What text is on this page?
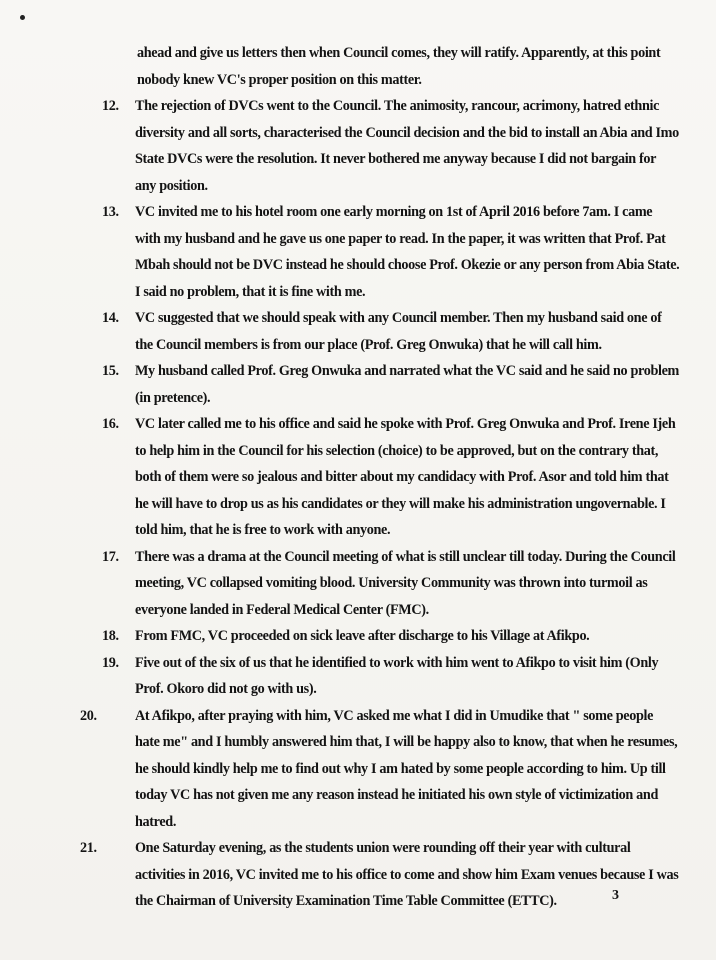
ahead and give us letters then when Council comes, they will ratify. Apparently, at this point nobody knew VC's proper position on this matter.
12. The rejection of DVCs went to the Council. The animosity, rancour, acrimony, hatred ethnic diversity and all sorts, characterised the Council decision and the bid to install an Abia and Imo State DVCs were the resolution. It never bothered me anyway because I did not bargain for any position.
13. VC invited me to his hotel room one early morning on 1st of April 2016 before 7am. I came with my husband and he gave us one paper to read. In the paper, it was written that Prof. Pat Mbah should not be DVC instead he should choose Prof. Okezie or any person from Abia State. I said no problem, that it is fine with me.
14. VC suggested that we should speak with any Council member. Then my husband said one of the Council members is from our place (Prof. Greg Onwuka) that he will call him.
15. My husband called Prof. Greg Onwuka and narrated what the VC said and he said no problem (in pretence).
16. VC later called me to his office and said he spoke with Prof. Greg Onwuka and Prof. Irene Ijeh to help him in the Council for his selection (choice) to be approved, but on the contrary that, both of them were so jealous and bitter about my candidacy with Prof. Asor and told him that he will have to drop us as his candidates or they will make his administration ungovernable. I told him, that he is free to work with anyone.
17. There was a drama at the Council meeting of what is still unclear till today. During the Council meeting, VC collapsed vomiting blood. University Community was thrown into turmoil as everyone landed in Federal Medical Center (FMC).
18. From FMC, VC proceeded on sick leave after discharge to his Village at Afikpo.
19. Five out of the six of us that he identified to work with him went to Afikpo to visit him (Only Prof. Okoro did not go with us).
20.	At Afikpo, after praying with him, VC asked me what I did in Umudike that " some people hate me" and I humbly answered him that, I will be happy also to know, that when he resumes, he should kindly help me to find out why I am hated by some people according to him. Up till today VC has not given me any reason instead he initiated his own style of victimization and hatred.
21.	One Saturday evening, as the students union were rounding off their year with cultural activities in 2016, VC invited me to his office to come and show him Exam venues because I was the Chairman of University Examination Time Table Committee (ETTC).	3
